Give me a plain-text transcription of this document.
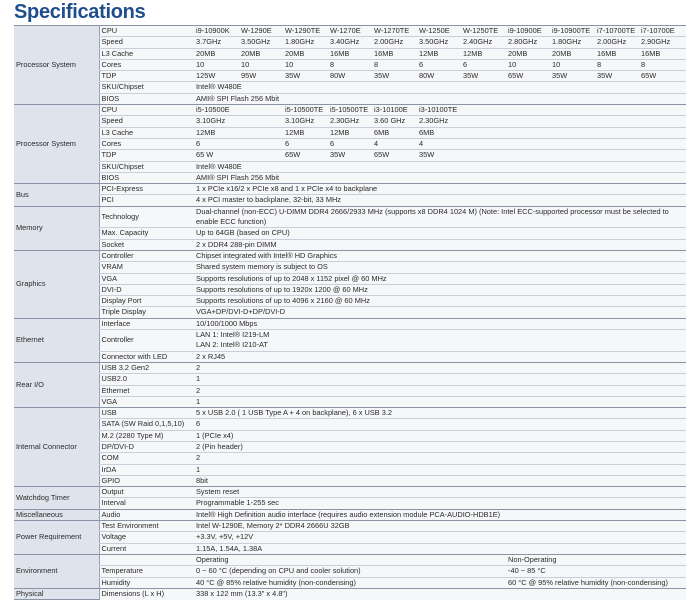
Specifications
Processor System	CPU	i9-10900K	W-1290E	W-1290TE	W-1270E	W-1270TE	W-1250E	W-1250TE	i9-10900E	i9-10900TE	i7-10700TE	i7-10700E	
	Speed	3.7GHz	3.50GHz	1.80GHz	3.40GHz	2.00GHz	3.50GHz	2.40GHz	2.80GHz	1.80GHz	2.00GHz	2.90GHz	
	L3 Cache	20MB	20MB	20MB	16MB	16MB	12MB	12MB	20MB	20MB	16MB	16MB	
	Cores	10	10	10	8	8	6	6	10	10	8	8	
	TDP	125W	95W	35W	80W	35W	80W	35W	65W	35W	35W	65W	
	SKU/Chipset	Intel® W480E											
	BIOS	AMI® SPI Flash 256 Mbit											
Processor System	CPU	i5-10500E		i5-10500TE	i5-10500TE	i3-10100E	i3-10100TE						
	Speed	3.10GHz		3.10GHz	2.30GHz	3.60 GHz	2.30GHz						
	L3 Cache	12MB		12MB	12MB	6MB	6MB						
	Cores	6		6	6	4	4						
	TDP	65 W		65W	35W	65W	35W						
	SKU/Chipset	Intel® W480E											
	BIOS	AMI® SPI Flash 256 Mbit											
Bus	PCI-Express	1 x PCIe x16/2 x PCIe x8 and 1 x PCIe x4 to backplane											
	PCI	4 x PCI master to backplane, 32-bit, 33 MHz											
Memory	Technology	Dual-channel (non-ECC) U-DIMM DDR4 2666/2933 MHz (supports x8 DDR4 1024 M) (Note: Intel ECC-supported processor must be selected to enable ECC function)											
	Max. Capacity	Up to 64GB (based on CPU)											
	Socket	2 x DDR4 288-pin DIMM											
Graphics	Controller	Chipset integrated with Intel® HD Graphics											
	VRAM	Shared system memory is subject to OS											
	VGA	Supports resolutions of up to 2048 x 1152 pixel @ 60 MHz											
	DVI-D	Supports resolutions of up to 1920x 1200 @ 60 MHz											
	Display Port	Supports resolutions of up to 4096 x 2160 @ 60 MHz											
	Triple Display	VGA+DP/DVI-D+DP/DVI-D											
Ethernet	Interface	10/100/1000 Mbps											
	Controller	LAN 1: Intel® I219-LM
LAN 2: Intel® I210-AT											
	Connector with LED	2 x RJ45											
Rear I/O	USB 3.2 Gen2	2											
	USB2.0	1											
	Ethernet	2											
	VGA	1											
Internal Connector	USB	5 x USB 2.0 ( 1 USB Type A + 4 on backplane), 6 x USB 3.2											
	SATA (SW Raid 0,1,5,10)	6											
	M.2 (2280 Type M)	1 (PCIe x4)											
	DP/DVI-D	2 (Pin header)											
	COM	2											
	IrDA	1											
	GPIO	8bit											
Watchdog Timer	Output	System reset											
	Interval	Programmable 1-255 sec											
Miscellaneous	Audio	Intel® High Definition audio interface (requires audio extension module PCA-AUDIO-HDB1E)											
Power Requirement	Test Environment	Intel W-1290E, Memory 2* DDR4 2666U 32GB											
	Voltage	+3.3V, +5V, +12V											
	Current	1.15A, 1.54A, 1.38A											
Environment		Operating							Non-Operating				
	Temperature	0 ~ 60 °C (depending on CPU and cooler solution)							-40 ~ 85 °C				
	Humidity	40 °C @ 85% relative humidity (non-condensing)							60 °C @ 95% relative humidity (non-condensing)				
Physical	Dimensions (L x H)	338 x 122 mm (13.3" x 4.8")											
